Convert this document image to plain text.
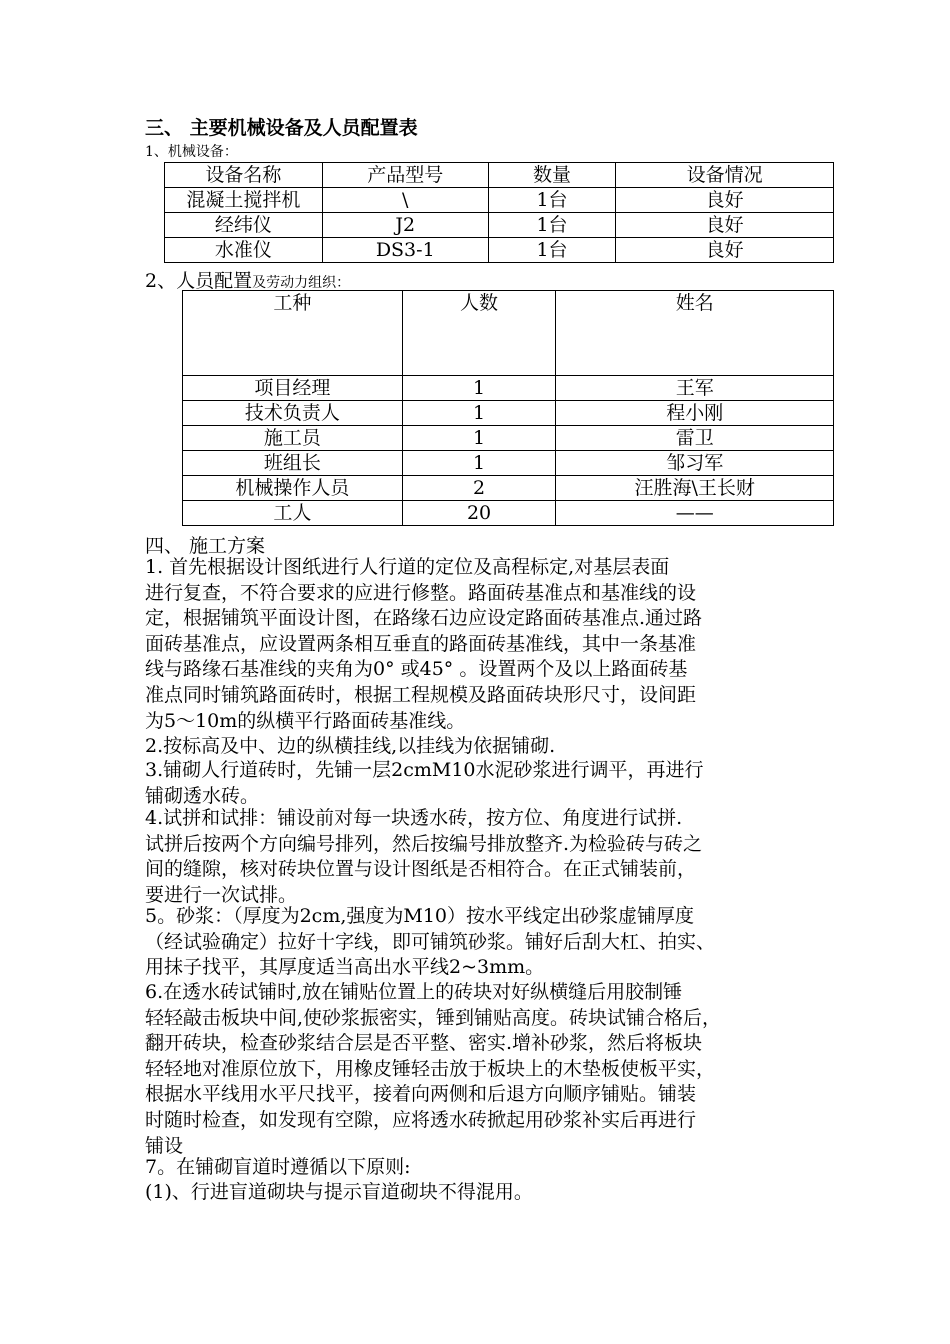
三、 主要机械设备及人员配置表
1、机械设备：
设备名称	产品型号	数量	设备情况
混凝土搅拌机	\	1台	良好
经纬仪	J2	1台	良好
水准仪	DS3-1	1台	良好
2、人员配置及劳动力组织：
工种	人数	姓名
项目经理	1	王军
技术负责人	1	程小刚
施工员	1	雷卫
班组长	1	邹习军
机械操作人员	2	汪胜海\王长财
工人	20	——
四、 施工方案
1. 首先根据设计图纸进行人行道的定位及高程标定,对基层表面
进行复查，不符合要求的应进行修整。路面砖基准点和基准线的设
定，根据铺筑平面设计图，在路缘石边应设定路面砖基准点.通过路
面砖基准点，应设置两条相互垂直的路面砖基准线，其中一条基准
线与路缘石基准线的夹角为0° 或45° 。设置两个及以上路面砖基
准点同时铺筑路面砖时，根据工程规模及路面砖块形尺寸，设间距
为5～10m的纵横平行路面砖基准线。
2.按标高及中、边的纵横挂线,以挂线为依据铺砌.
3.铺砌人行道砖时，先铺一层2cmM10水泥砂浆进行调平，再进行
铺砌透水砖。
4.试拼和试排：铺设前对每一块透水砖，按方位、角度进行试拼.
试拼后按两个方向编号排列，然后按编号排放整齐.为检验砖与砖之
间的缝隙，核对砖块位置与设计图纸是否相符合。在正式铺装前，
要进行一次试排。
5。砂浆：（厚度为2cm,强度为M10）按水平线定出砂浆虚铺厚度
（经试验确定）拉好十字线，即可铺筑砂浆。铺好后刮大杠、拍实、
用抹子找平，其厚度适当高出水平线2~3mm。
6.在透水砖试铺时,放在铺贴位置上的砖块对好纵横缝后用胶制锤
轻轻敲击板块中间,使砂浆振密实，锤到铺贴高度。砖块试铺合格后，
翻开砖块，检查砂浆结合层是否平整、密实.增补砂浆，然后将板块
轻轻地对准原位放下，用橡皮锤轻击放于板块上的木垫板使板平实，
根据水平线用水平尺找平，接着向两侧和后退方向顺序铺贴。铺装
时随时检查，如发现有空隙，应将透水砖掀起用砂浆补实后再进行
铺设
7。在铺砌盲道时遵循以下原则:
(1)、行进盲道砌块与提示盲道砌块不得混用。
